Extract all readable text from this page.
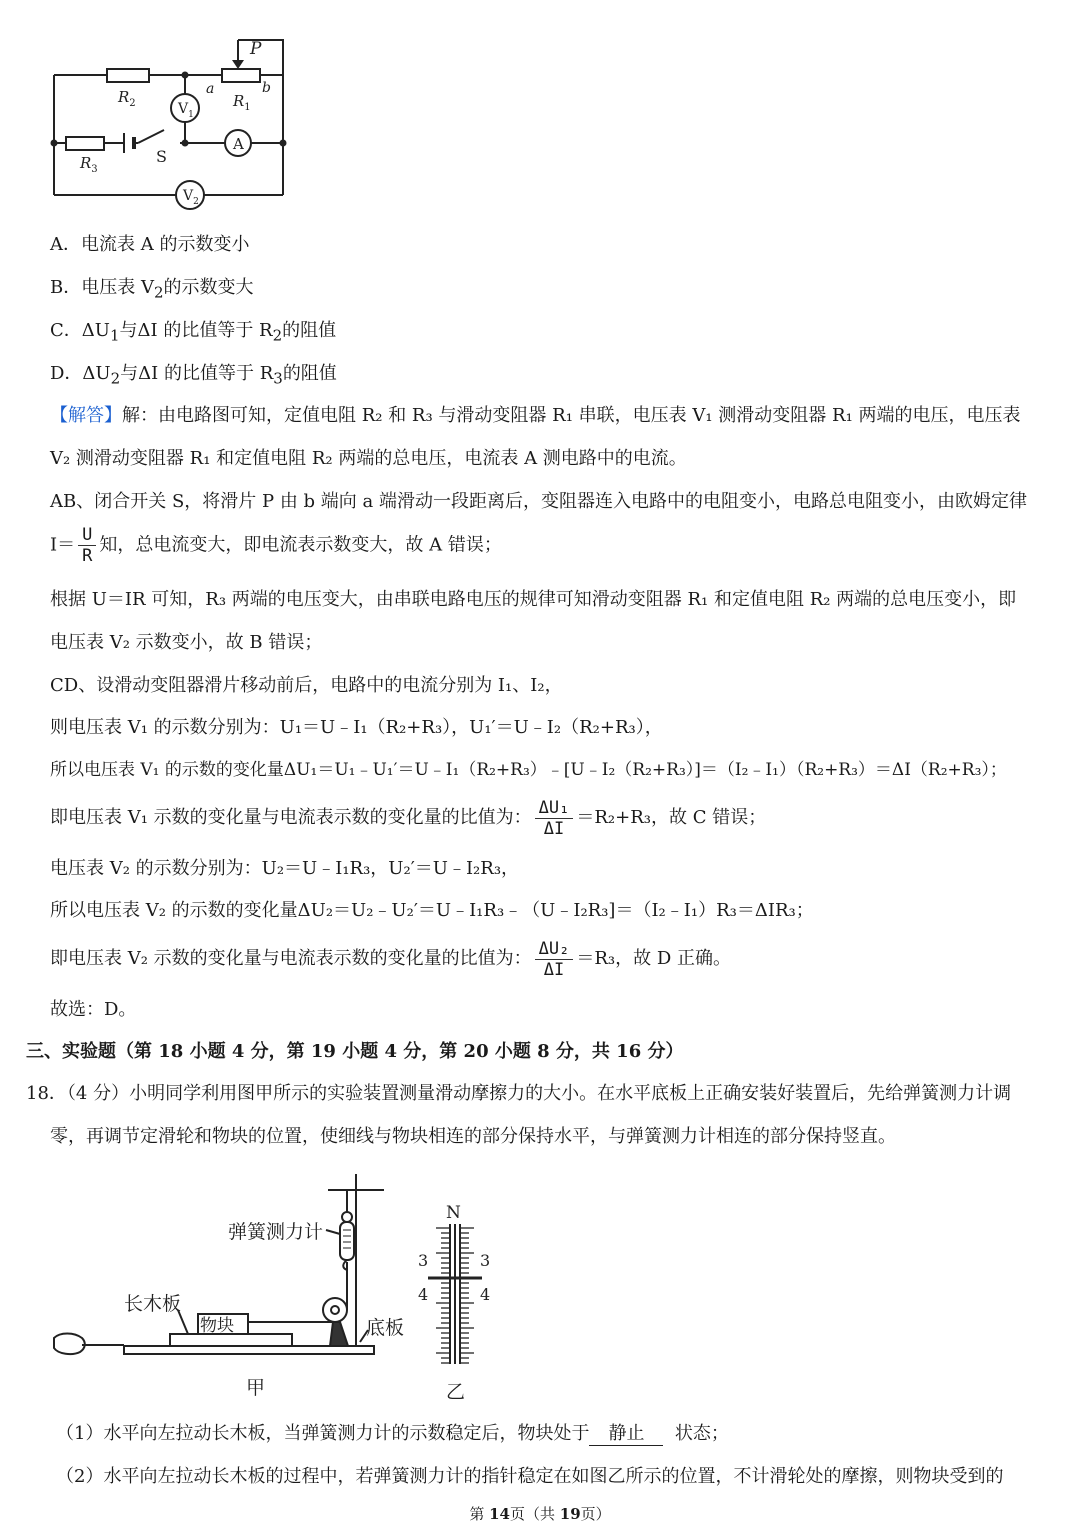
$R_2$	$R_1$
$R_3$
P
a	b
S
A
$V_1$
$V_2$
A．电流表 A 的示数变小
B．电压表 $V_2$的示数变大
C．$\Delta U_1$与ΔI 的比值等于 $R_2$的阻值
D．$\Delta U_2$与ΔI 的比值等于 $R_3$的阻值
【解答】解：由电路图可知，定值电阻 R₂ 和 R₃ 与滑动变阻器 R₁ 串联，电压表 V₁ 测滑动变阻器 R₁ 两端的电压，电压表
V₂ 测滑动变阻器 R₁ 和定值电阻 R₂ 两端的总电压，电流表 A 测电路中的电流。
AB、闭合开关 S，将滑片 P 由 b 端向 a 端滑动一段距离后，变阻器连入电路中的电阻变小，电路总电阻变小，由欧姆定律
$I= \frac{U}{R}$ 知，总电流变大，即电流表示数变大，故 A 错误；
根据 U＝IR 可知，R₃ 两端的电压变大，由串联电路电压的规律可知滑动变阻器 R₁ 和定值电阻 R₂ 两端的总电压变小，即
电压表 V₂ 示数变小，故 B 错误；
CD、设滑动变阻器滑片移动前后，电路中的电流分别为 I₁、I₂，
则电压表 V₁ 的示数分别为：U₁＝U﹣I₁（R₂+R₃），U₁′＝U﹣I₂（R₂+R₃），
所以电压表 V₁ 的示数的变化量ΔU₁＝U₁﹣U₁′＝U﹣I₁（R₂+R₃）﹣[U﹣I₂（R₂+R₃）]＝（I₂﹣I₁）（R₂+R₃）＝ΔI（R₂+R₃）；
即电压表 V₁ 示数的变化量与电流表示数的变化量的比值为： $\frac{\text{ΔU₁}}{\Delta I} =R_2+R_3$，故 C 错误；
电压表 V₂ 的示数分别为：U₂＝U﹣I₁R₃，U₂′＝U﹣I₂R₃，
所以电压表 V₂ 的示数的变化量ΔU₂＝U₂﹣U₂′＝U﹣I₁R₃﹣（U﹣I₂R₃]＝（I₂﹣I₁）R₃＝ΔIR₃；
即电压表 V₂ 示数的变化量与电流表示数的变化量的比值为： $\frac{\text{ΔU₂}}{\Delta I} =R_3$，故 D 正确。
故选：D。
三、实验题（第 18 小题 4 分，第 19 小题 4 分，第 20 小题 8 分，共 16 分）
18．（4 分）小明同学利用图甲所示的实验装置测量滑动摩擦力的大小。在水平底板上正确安装好装置后，先给弹簧测力计调
零，再调节定滑轮和物块的位置，使细线与物块相连的部分保持水平，与弹簧测力计相连的部分保持竖直。
弹簧测力计
长木板
物块	底板
甲	乙
N
3	3
4	4
（1）水平向左拉动长木板，当弹簧测力计的示数稳定后，物块处于 静止 状态；
（2）水平向左拉动长木板的过程中，若弹簧测力计的指针稳定在如图乙所示的位置，不计滑轮处的摩擦，则物块受到的
第 14页（共 19页）
